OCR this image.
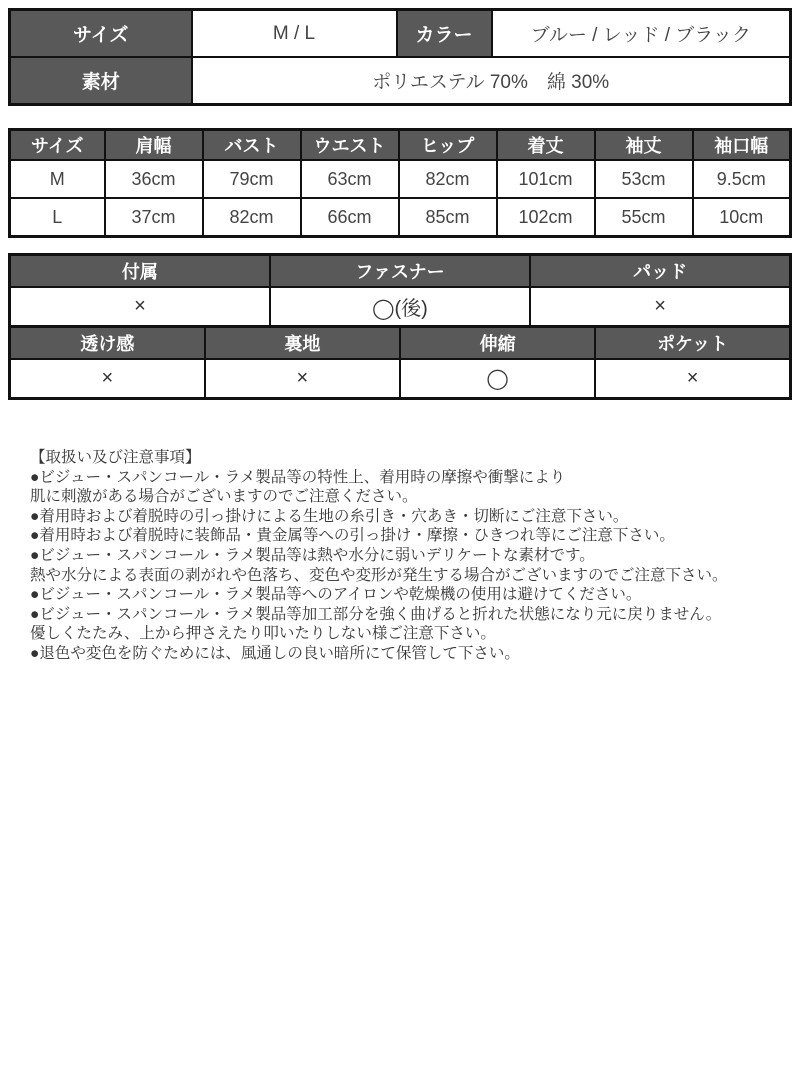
サイズ	M / L	カラー	ブルー / レッド / ブラック
素材	ポリエステル 70%　綿 30%		
サイズ	肩幅	バスト	ウエスト	ヒップ	着丈	袖丈	袖口幅
M	36cm	79cm	63cm	82cm	101cm	53cm	9.5cm
L	37cm	82cm	66cm	85cm	102cm	55cm	10cm
付属	ファスナー	パッド
×	◯(後)	×
透け感	裏地	伸縮	ポケット
×	×	◯	×
【取扱い及び注意事項】
●ビジュー・スパンコール・ラメ製品等の特性上、着用時の摩擦や衝撃により
肌に刺激がある場合がございますのでご注意ください。
●着用時および着脱時の引っ掛けによる生地の糸引き・穴あき・切断にご注意下さい。
●着用時および着脱時に装飾品・貴金属等への引っ掛け・摩擦・ひきつれ等にご注意下さい。
●ビジュー・スパンコール・ラメ製品等は熱や水分に弱いデリケートな素材です。
熱や水分による表面の剥がれや色落ち、変色や変形が発生する場合がございますのでご注意下さい。
●ビジュー・スパンコール・ラメ製品等へのアイロンや乾燥機の使用は避けてください。
●ビジュー・スパンコール・ラメ製品等加工部分を強く曲げると折れた状態になり元に戻りません。
優しくたたみ、上から押さえたり叩いたりしない様ご注意下さい。
●退色や変色を防ぐためには、風通しの良い暗所にて保管して下さい。
